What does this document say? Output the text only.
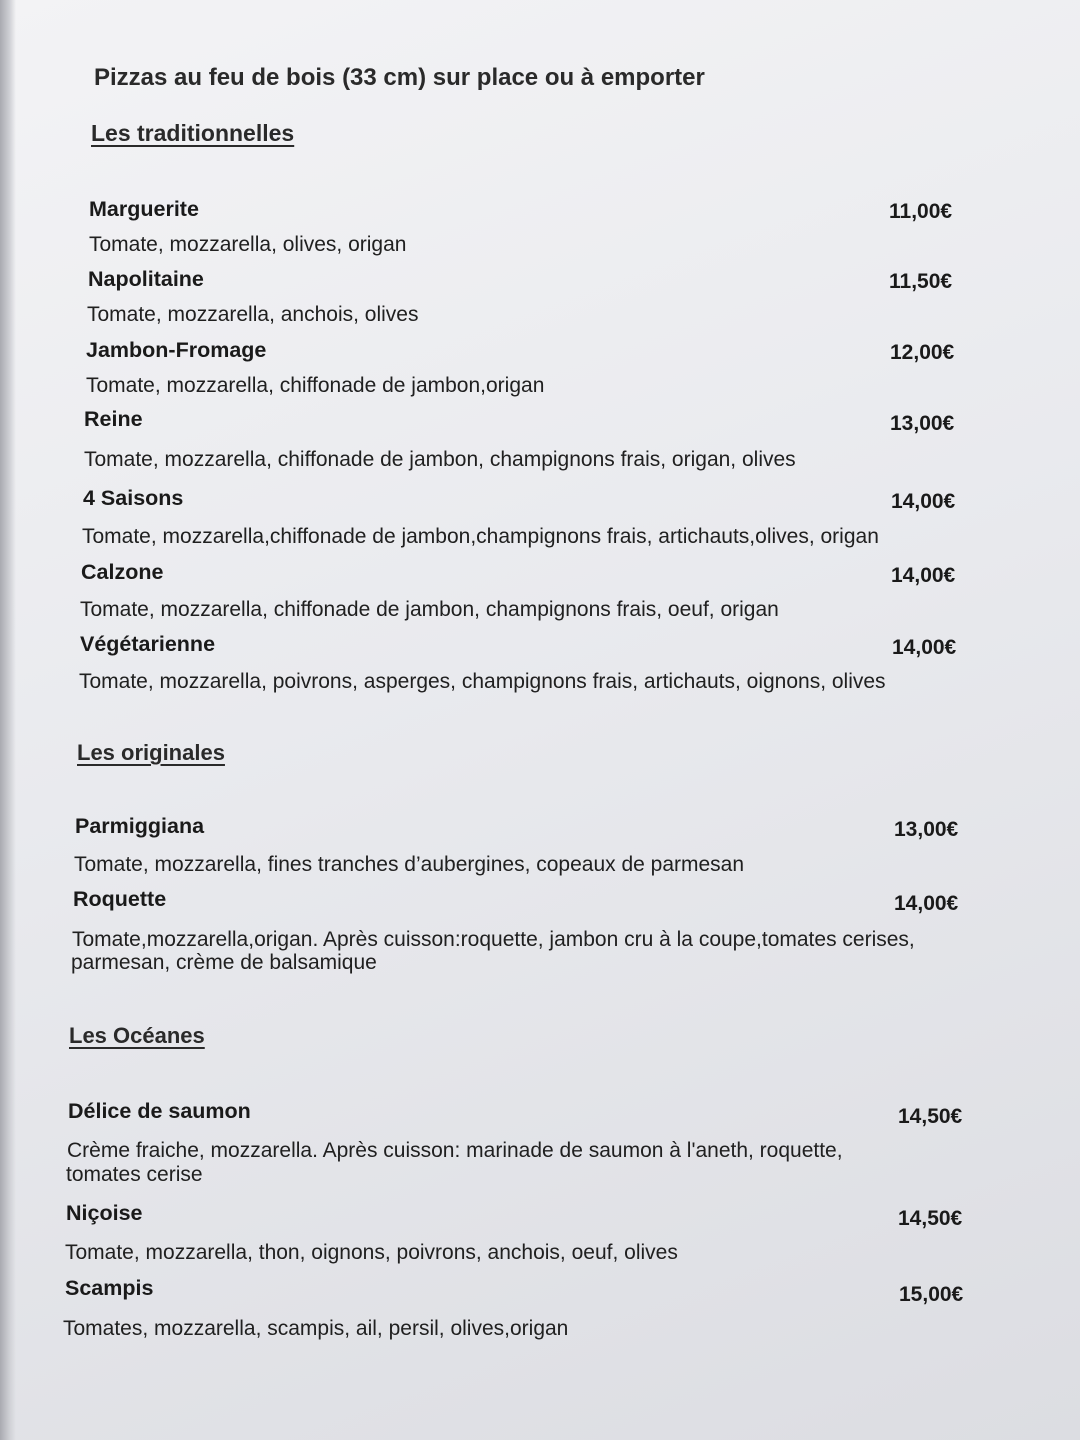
Pizzas au feu de bois (33 cm) sur place ou à emporter
Les traditionnelles
Marguerite	11,00€
Tomate, mozzarella, olives, origan
Napolitaine	11,50€
Tomate, mozzarella, anchois, olives
Jambon-Fromage	12,00€
Tomate, mozzarella, chiffonade de jambon,origan
Reine	13,00€
Tomate, mozzarella, chiffonade de jambon, champignons frais, origan, olives
4 Saisons	14,00€
Tomate, mozzarella,chiffonade de jambon,champignons frais, artichauts,olives, origan
Calzone	14,00€
Tomate, mozzarella, chiffonade de jambon, champignons frais, oeuf, origan
Végétarienne	14,00€
Tomate, mozzarella, poivrons, asperges, champignons frais, artichauts, oignons, olives
Les originales
Parmiggiana	13,00€
Tomate, mozzarella, fines tranches d’aubergines, copeaux de parmesan
Roquette	14,00€
Tomate,mozzarella,origan. Après cuisson:roquette, jambon cru à la coupe,tomates cerises,
parmesan, crème de balsamique
Les Océanes
Délice de saumon	14,50€
Crème fraiche, mozzarella. Après cuisson: marinade de saumon à l'aneth, roquette,
tomates cerise
Niçoise	14,50€
Tomate, mozzarella, thon, oignons, poivrons, anchois, oeuf, olives
Scampis	15,00€
Tomates, mozzarella, scampis, ail, persil, olives,origan
